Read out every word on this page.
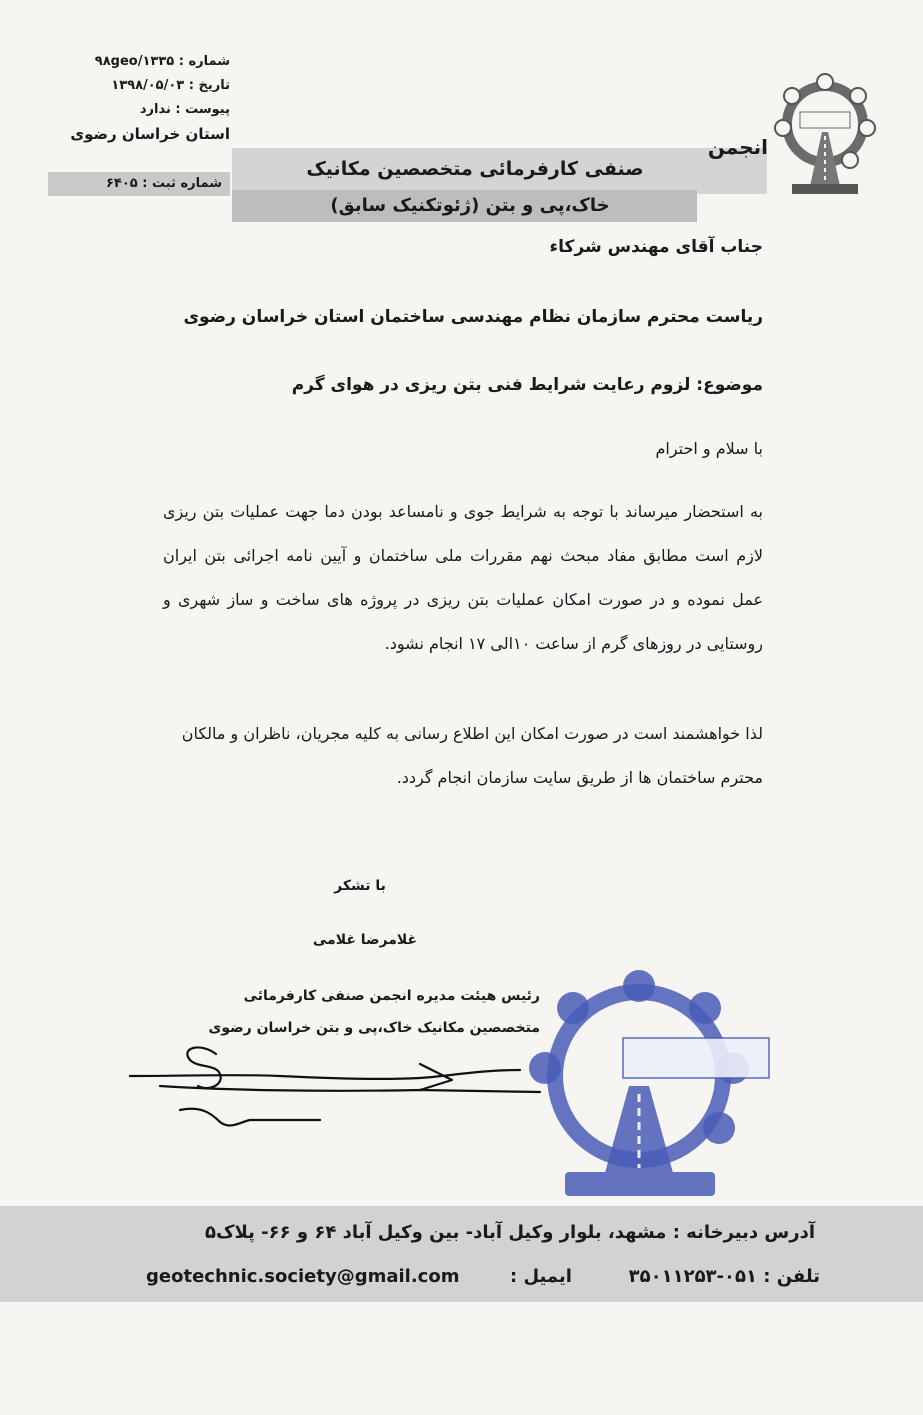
شماره : ۹۸geo/۱۳۳۵
تاریخ : ۱۳۹۸/۰۵/۰۳
پیوست : ندارد
استان خراسان رضوی
شماره ثبت : ۶۴۰۵
انجمن
صنفی کارفرمائی متخصصین مکانیک
خاک،پی و بتن (ژئوتکنیک سابق)
جناب آقای مهندس شرکاء
ریاست محترم سازمان نظام مهندسی ساختمان استان خراسان رضوی
موضوع: لزوم رعایت شرایط فنی بتن ریزی در هوای گرم
با سلام و احترام
به استحضار میرساند با توجه به شرایط جوی و نامساعد بودن دما جهت عملیات بتن ریزی لازم است مطابق مفاد مبحث نهم مقررات ملی ساختمان و آیین نامه اجرائی بتن ایران عمل نموده و در صورت امکان عملیات بتن ریزی در پروژه های ساخت و ساز شهری و روستایی در روزهای گرم از ساعت ۱۰الی ۱۷ انجام نشود.
لذا خواهشمند است در صورت امکان این اطلاع رسانی به کلیه مجریان، ناظران و مالکان محترم ساختمان ها از طریق سایت سازمان انجام گردد.
با تشکر
غلامرضا غلامی
رئیس هیئت مدیره انجمن صنفی کارفرمائی
متخصصین مکانیک خاک،پی و بتن خراسان رضوی
آدرس دبیرخانه : مشهد، بلوار وکیل آباد- بین وکیل آباد ۶۴ و ۶۶- پلاک۵
geotechnic.society@gmail.com	ایمیل :	تلفن : ۰۵۱-۳۵۰۱۱۲۵۳
